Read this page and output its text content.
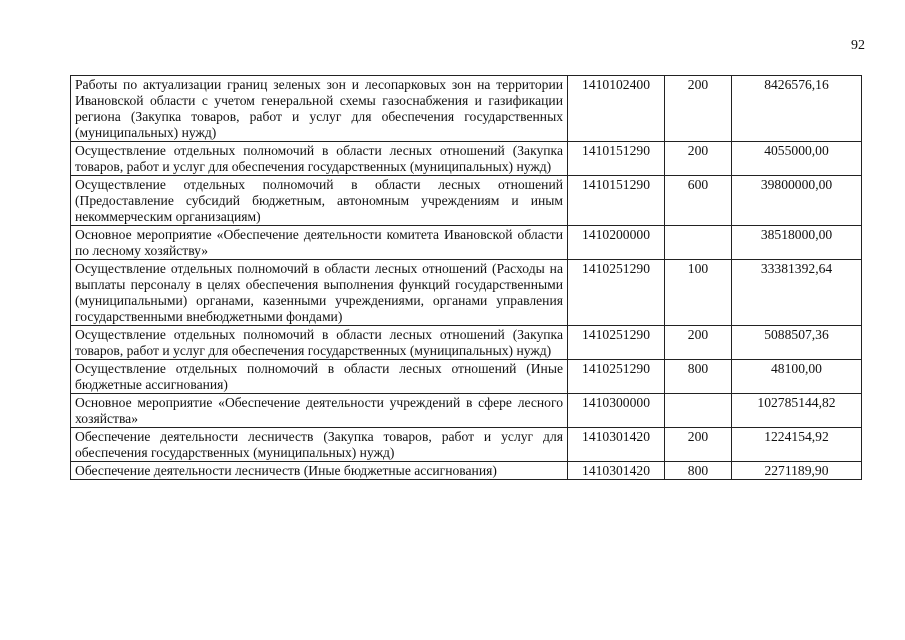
92
Работы по актуализации границ зеленых зон и лесопарковых зон на территории Ивановской области с учетом генеральной схемы газоснабжения и газификации региона (Закупка товаров, работ и услуг для обеспечения государственных (муниципальных) нужд)	1410102400	200	8426576,16
Осуществление отдельных полномочий в области лесных отношений (Закупка товаров, работ и услуг для обеспечения государственных (муниципальных) нужд)	1410151290	200	4055000,00
Осуществление отдельных полномочий в области лесных отношений (Предоставление субсидий бюджетным, автономным учреждениям и иным некоммерческим организациям)	1410151290	600	39800000,00
Основное мероприятие «Обеспечение деятельности комитета Ивановской области по лесному хозяйству»	1410200000		38518000,00
Осуществление отдельных полномочий в области лесных отношений (Расходы на выплаты персоналу в целях обеспечения выполнения функций государственными (муниципальными) органами, казенными учреждениями, органами управления государственными внебюджетными фондами)	1410251290	100	33381392,64
Осуществление отдельных полномочий в области лесных отношений (Закупка товаров, работ и услуг для обеспечения государственных (муниципальных) нужд)	1410251290	200	5088507,36
Осуществление отдельных полномочий в области лесных отношений (Иные бюджетные ассигнования)	1410251290	800	48100,00
Основное мероприятие «Обеспечение деятельности учреждений в сфере лесного хозяйства»	1410300000		102785144,82
Обеспечение деятельности лесничеств (Закупка товаров, работ и услуг для обеспечения государственных (муниципальных) нужд)	1410301420	200	1224154,92
Обеспечение деятельности лесничеств (Иные бюджетные ассигнования)	1410301420	800	2271189,90
